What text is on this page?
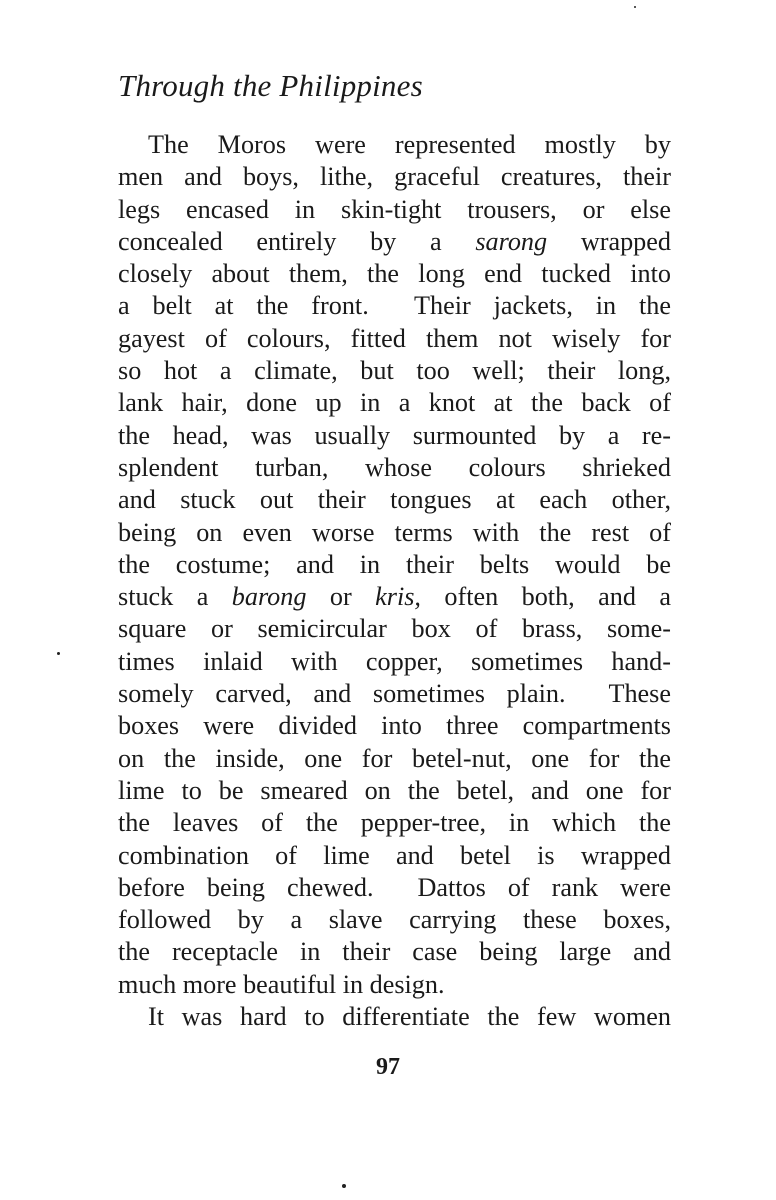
Through the Philippines
The Moros were represented mostly by
men and boys, lithe, graceful creatures, their
legs encased in skin-tight trousers, or else
concealed entirely by a sarong wrapped
closely about them, the long end tucked into
a belt at the front.  Their jackets, in the
gayest of colours, fitted them not wisely for
so hot a climate, but too well; their long,
lank hair, done up in a knot at the back of
the head, was usually surmounted by a re-
splendent turban, whose colours shrieked
and stuck out their tongues at each other,
being on even worse terms with the rest of
the costume; and in their belts would be
stuck a barong or kris, often both, and a
square or semicircular box of brass, some-
times inlaid with copper, sometimes hand-
somely carved, and sometimes plain.  These
boxes were divided into three compartments
on the inside, one for betel-nut, one for the
lime to be smeared on the betel, and one for
the leaves of the pepper-tree, in which the
combination of lime and betel is wrapped
before being chewed.  Dattos of rank were
followed by a slave carrying these boxes,
the receptacle in their case being large and
much more beautiful in design.
It was hard to differentiate the few women
97
